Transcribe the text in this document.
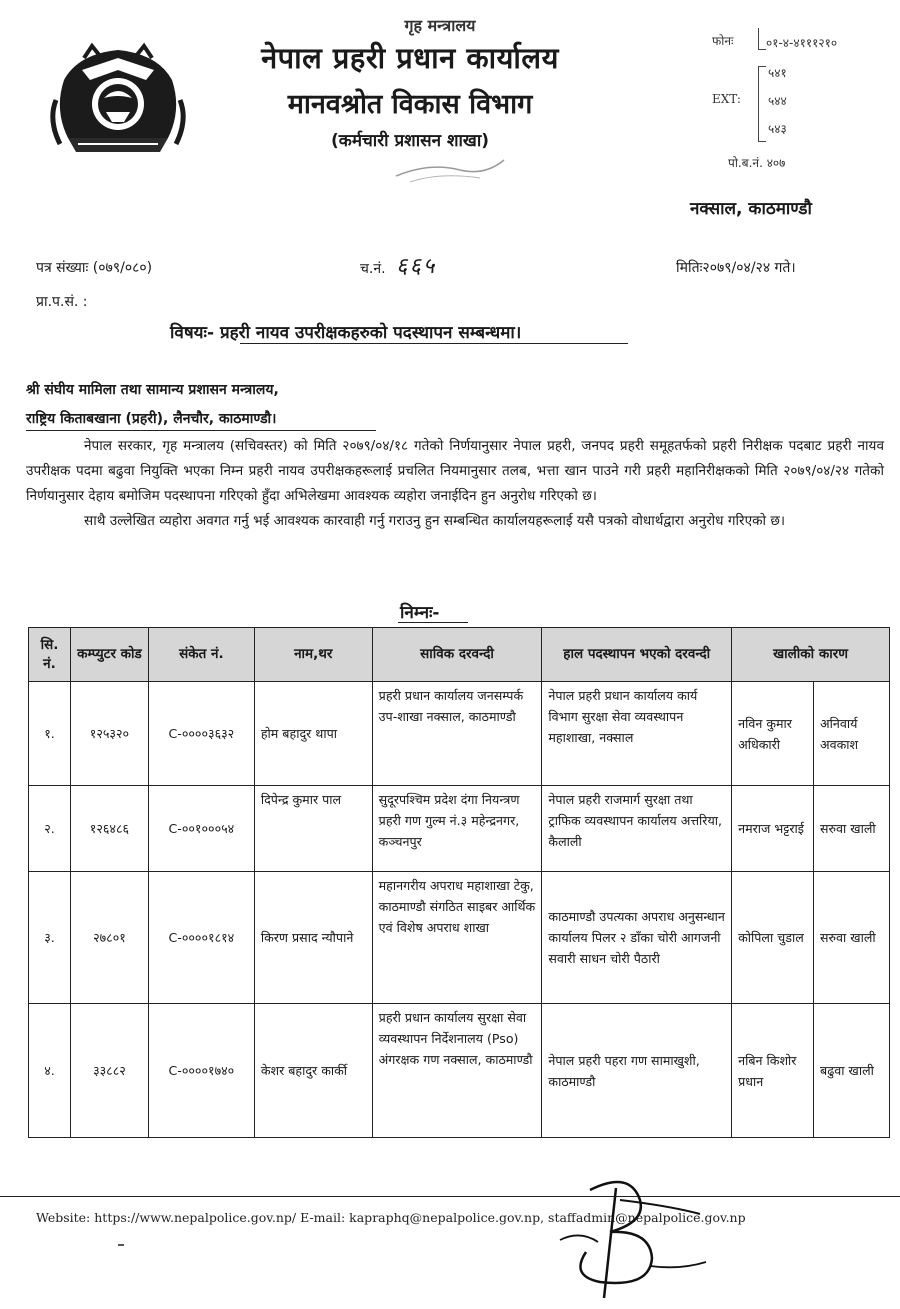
गृह मन्त्रालय
नेपाल प्रहरी प्रधान कार्यालय
मानवश्रोत विकास विभाग
(कर्मचारी प्रशासन शाखा)
फोनः	०१-४-४१११२१०
EXT:
५४१
५४४
५४३
पो.ब.नं. ४०७
नक्साल, काठमाण्डौ
पत्र संख्याः (०७९/०८०)	च.नं. ६६५	मितिः२०७९/०४/२४ गते।
प्रा.प.सं. :
विषयः- प्रहरी नायव उपरीक्षकहरुको पदस्थापन सम्बन्धमा।
श्री संघीय मामिला तथा सामान्य प्रशासन मन्त्रालय,
राष्ट्रिय किताबखाना (प्रहरी), लैनचौर, काठमाण्डौ।

नेपाल सरकार, गृह मन्त्रालय (सचिवस्तर) को मिति २०७९/०४/१८ गतेको निर्णयानुसार नेपाल प्रहरी, जनपद प्रहरी समूहतर्फको प्रहरी निरीक्षक पदबाट प्रहरी नायव उपरीक्षक पदमा बढुवा नियुक्ति भएका निम्न प्रहरी नायव उपरीक्षकहरूलाई प्रचलित नियमानुसार तलब, भत्ता खान पाउने गरी प्रहरी महानिरीक्षकको मिति २०७९/०४/२४ गतेको निर्णयानुसार देहाय बमोजिम पदस्थापना गरिएको हुँदा अभिलेखमा आवश्यक व्यहोरा जनाईदिन हुन अनुरोध गरिएको छ।

साथै उल्लेखित व्यहोरा अवगत गर्नु भई आवश्यक कारवाही गर्नु गराउनु हुन सम्बन्धित कार्यालयहरूलाई यसै पत्रको वोधार्थद्वारा अनुरोध गरिएको छ।

निम्नः-
सि. नं.	कम्प्युटर कोड	संकेत नं.	नाम,थर	साविक दरवन्दी	हाल पदस्थापन भएको दरवन्दी	खालीको कारण	
१.	१२५३२०	C-००००३६३२	होम बहादुर थापा	प्रहरी प्रधान कार्यालय जनसम्पर्क उप-शाखा नक्साल, काठमाण्डौ	नेपाल प्रहरी प्रधान कार्यालय कार्य विभाग सुरक्षा सेवा व्यवस्थापन महाशाखा, नक्साल	नविन कुमार अधिकारी	अनिवार्य अवकाश
२.	१२६४८६	C-००१०००५४	दिपेन्द्र कुमार पाल	सुदूरपश्चिम प्रदेश दंगा नियन्त्रण प्रहरी गण गुल्म नं.३ महेन्द्रनगर, कञ्चनपुर	नेपाल प्रहरी राजमार्ग सुरक्षा तथा ट्राफिक व्यवस्थापन कार्यालय अत्तरिया, कैलाली	नमराज भट्टराई	सरुवा खाली
३.	२७८०१	C-००००१८१४	किरण प्रसाद न्यौपाने	महानगरीय अपराध महाशाखा टेकु, काठमाण्डौ संगठित साइबर आर्थिक एवं विशेष अपराध शाखा	काठमाण्डौ उपत्यका अपराध अनुसन्धान कार्यालय पिलर २ डाँका चोरी आगजनी सवारी साधन चोरी पैठारी	कोपिला चुडाल	सरुवा खाली
४.	३३८८२	C-००००१७४०	केशर बहादुर कार्की	प्रहरी प्रधान कार्यालय सुरक्षा सेवा व्यवस्थापन निर्देशनालय (Pso) अंगरक्षक गण नक्साल, काठमाण्डौ	नेपाल प्रहरी पहरा गण सामाखुशी, काठमाण्डौ	नबिन किशोर प्रधान	बढुवा खाली
Website: https://www.nepalpolice.gov.np/ E-mail: kapraphq@nepalpolice.gov.np, staffadmin@nepalpolice.gov.np
